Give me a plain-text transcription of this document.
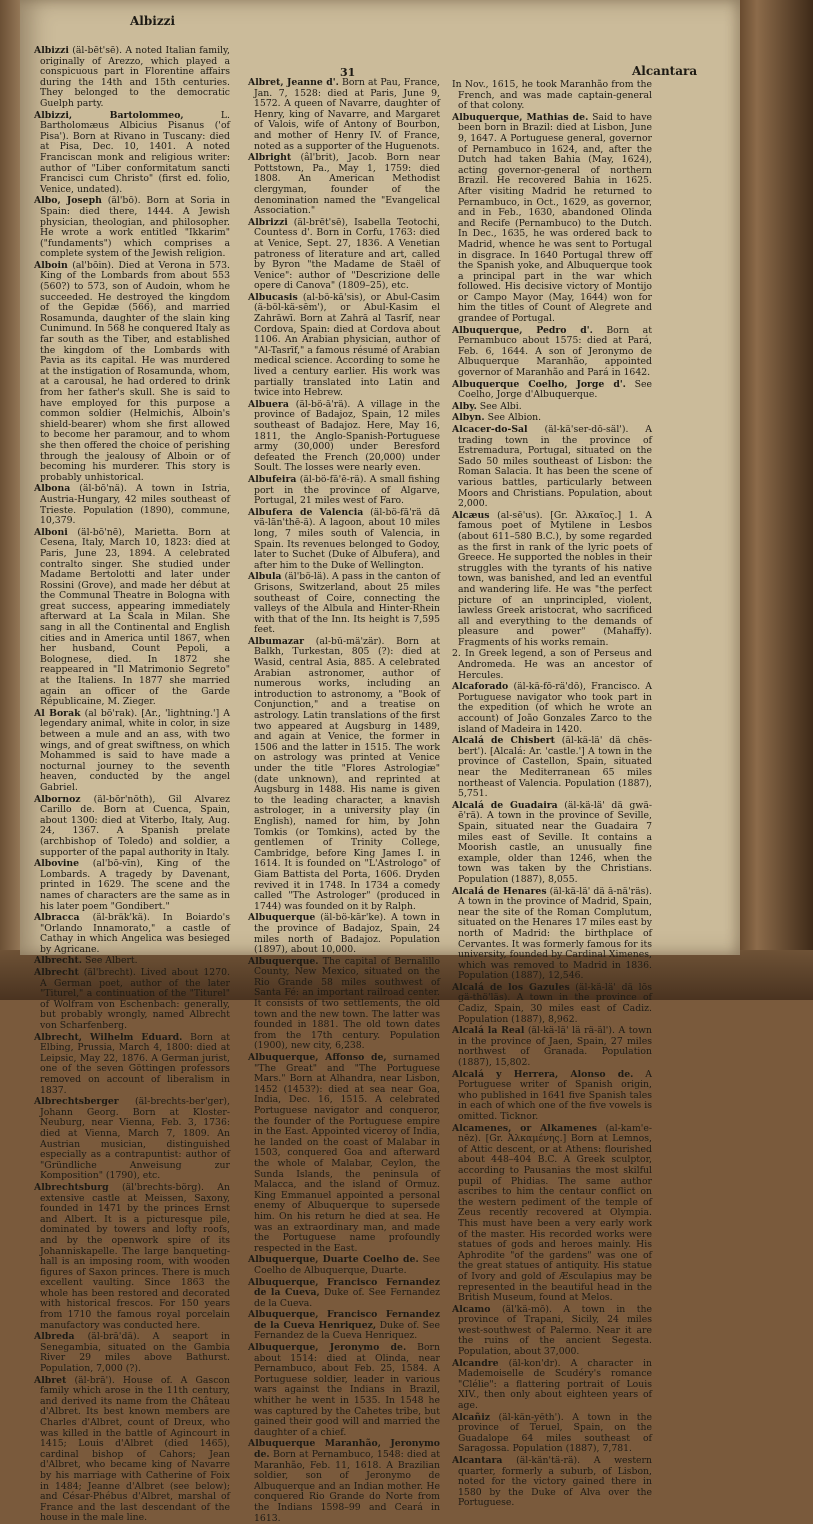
Albizzi
31	Alcantara

Albizzi (äl-bēt'sē). A noted Italian family, originally of Arezzo, which played a conspicuous part in Florentine affairs during the 14th and 15th centuries. They belonged to the democratic Guelph party.

Albizzi, Bartolommeo,	L. Bartholomæus Albicius Pisanus ('of Pisa'). Born at Rivano in Tuscany: died at Pisa, Dec. 10, 1401. A noted Franciscan monk and religious writer: author of "Liber conformitatum sancti Francisci cum Christo" (first ed. folio, Venice, undated).

Albo, Joseph (äl'bō). Born at Soria in Spain: died there, 1444. A Jewish physician, theologian, and philosopher. He wrote a work entitled "Ikkarim" ("fundaments") which comprises a complete system of the Jewish religion.

Alboin (al'bōin). Died at Verona in 573. King of the Lombards from about 553 (560?) to 573, son of Audoin, whom he succeeded. He destroyed the kingdom of the Gepidæ (566), and married Rosamunda, daughter of the slain king Cunimund. In 568 he conquered Italy as far south as the Tiber, and established the kingdom of the Lombards with Pavia as its capital. He was murdered at the instigation of Rosamunda, whom, at a carousal, he had ordered to drink from her father's skull. She is said to have employed for this purpose a common soldier (Helmichis, Alboin's shield-bearer) whom she first allowed to become her paramour, and to whom she then offered the choice of perishing through the jealousy of Alboin or of becoming his murderer. This story is probably unhistorical.

Albona (äl-bō'nä). A town in Istria, Austria-Hungary, 42 miles southeast of Trieste. Population (1890), commune, 10,379.

Alboni (äl-bō'nē), Marietta. Born at Cesena, Italy, March 10, 1823: died at Paris, June 23, 1894. A celebrated contralto singer. She studied under Madame Bertolotti and later under Rossini (Grove), and made her début at the Communal Theatre in Bologna with great success, appearing immediately afterward at La Scala in Milan. She sang in all the Continental and English cities and in America until 1867, when her husband, Count Pepoli, a Bolognese, died. In 1872 she reappeared in "Il Matrimonio Segreto" at the Italiens. In 1877 she married again an officer of the Garde Républicaine, M. Zieger.

Al Borak (al bō'rak). [Ar., 'lightning.'] A legendary animal, white in color, in size between a mule and an ass, with two wings, and of great swiftness, on which Mohammed is said to have made a nocturnal journey to the seventh heaven, conducted by the angel Gabriel.

Albornoz (äl-bōr'nōth), Gil Alvarez Carillo de. Born at Cuenca, Spain, about 1300: died at Viterbo, Italy, Aug. 24, 1367. A Spanish prelate (archbishop of Toledo) and soldier, a supporter of the papal authority in Italy.

Albovine (al'bō-vīn), King of the Lombards. A tragedy by Davenant, printed in 1629. The scene and the names of characters are the same as in his later poem "Gondibert."

Albracca (äl-bräk'kä). In Boiardo's "Orlando Innamorato," a castle of Cathay in which Angelica was besieged by Agricane.

Albrecht. See Albert.

Albrecht (äl'brecht). Lived about 1270. A German poet, author of the later "Titurel," a continuation of the "Titurel" of Wolfram von Eschenbach: generally, but probably wrongly, named Albrecht von Scharfenberg.

Albrecht, Wilhelm Eduard. Born at Elbing, Prussia, March 4, 1800: died at Leipsic, May 22, 1876. A German jurist, one of the seven Göttingen professors removed on account of liberalism in 1837.

Albrechtsberger (äl-brechts-ber'ger), Johann Georg. Born at Kloster-Neuburg, near Vienna, Feb. 3, 1736: died at Vienna, March 7, 1809. An Austrian musician, distinguished especially as a contrapuntist: author of "Gründliche Anweisung zur Komposition" (1790), etc.

Albrechtsburg (äl'brechts-börg). An extensive castle at Meissen, Saxony, founded in 1471 by the princes Ernst and Albert. It is a picturesque pile, dominated by towers and lofty roofs, and by the openwork spire of its Johanniskapelle. The large banqueting-hall is an imposing room, with wooden figures of Saxon princes. There is much excellent vaulting. Since 1863 the whole has been restored and decorated with historical frescos. For 150 years from 1710 the famous royal porcelain manufactory was conducted here.

Albreda (äl-brā'dä). A seaport in Senegambia, situated on the Gambia River 29 miles above Bathurst. Population, 7,000 (?).

Albret (äl-brā'). House of. A Gascon family which arose in the 11th century, and derived its name from the Château d'Albret. Its best known members are Charles d'Albret, count of Dreux, who was killed in the battle of Agincourt in 1415; Louis d'Albret (died 1465), cardinal bishop of Cahors; Jean d'Albret, who became king of Navarre by his marriage with Catherine of Foix in 1484; Jeanne d'Albret (see below); and César-Phébus d'Albret, marshal of France and the last descendant of the house in the male line.

Albret, Jeanne d'. Born at Pau, France, Jan. 7, 1528: died at Paris, June 9, 1572. A queen of Navarre, daughter of Henry, king of Navarre, and Margaret of Valois, wife of Antony of Bourbon, and mother of Henry IV. of France, noted as a supporter of the Huguenots.

Albright (âl'brit), Jacob. Born near Pottstown, Pa., May 1, 1759: died 1808. An American Methodist clergyman, founder of the denomination named the "Evangelical Association."

Albrizzi (äl-brēt'sē), Isabella Teotochi, Countess d'. Born in Corfu, 1763: died at Venice, Sept. 27, 1836. A Venetian patroness of literature and art, called by Byron "the Madame de Staël of Venice": author of "Descrizione delle opere di Canova" (1809–25), etc.

Albucasis (al-bö-kā'sis), or Abul-Casim (ä-böl-kä-sēm'), or Abul-Kasim el Zahrāwī. Born at Zahrā al Tasrīf, near Cordova, Spain: died at Cordova about 1106. An Arabian physician, author of "Al-Tasrīf," a famous résumé of Arabian medical science. According to some he lived a century earlier. His work was partially translated into Latin and twice into Hebrew.

Albuera (äl-bö-ā'rä). A village in the province of Badajoz, Spain, 12 miles southeast of Badajoz. Here, May 16, 1811, the Anglo-Spanish-Portuguese army (30,000) under Beresford defeated the French (20,000) under Soult. The losses were nearly even.

Albufeira (äl-bö-fā'ē-rä). A small fishing port in the province of Algarve, Portugal, 21 miles west of Faro.

Albufera de Valencia (äl-bö-fā'rä dā vä-lān'thē-ä). A lagoon, about 10 miles long, 7 miles south of Valencia, in Spain. Its revenues belonged to Godoy, later to Suchet (Duke of Albufera), and after him to the Duke of Wellington.

Albula (äl'bö-lä). A pass in the canton of Grisons, Switzerland, about 25 miles southeast of Coire, connecting the valleys of the Albula and Hinter-Rhein with that of the Inn. Its height is 7,595 feet.

Albumazar (al-bū-mä'zär). Born at Balkh, Turkestan, 805 (?): died at Wasid, central Asia, 885. A celebrated Arabian astronomer, author of numerous works, including an introduction to astronomy, a "Book of Conjunction," and a treatise on astrology. Latin translations of the first two appeared at Augsburg in 1489, and again at Venice, the former in 1506 and the latter in 1515. The work on astrology was printed at Venice under the title "Flores Astrologiæ" (date unknown), and reprinted at Augsburg in 1488. His name is given to the leading character, a knavish astrologer, in a university play (in English), named for him, by John Tomkis (or Tomkins), acted by the gentlemen of Trinity College, Cambridge, before King James I. in 1614. It is founded on "L'Astrologo" of Giam Battista del Porta, 1606. Dryden revived it in 1748. In 1734 a comedy called "The Astrologer" (produced in 1744) was founded on it by Ralph.

Albuquerque (äl-bö-kār'ke). A town in the province of Badajoz, Spain, 24 miles north of Badajoz. Population (1897), about 10,000.

Albuquerque. The capital of Bernalillo County, New Mexico, situated on the Rio Grande 58 miles southwest of Santa Fé: an important railroad center. It consists of two settlements, the old town and the new town. The latter was founded in 1881. The old town dates from the 17th century. Population (1900), new city, 6,238.

Albuquerque, Affonso de, surnamed "The Great" and "The Portuguese Mars." Born at Alhandra, near Lisbon, 1452 (1453?): died at sea near Goa, India, Dec. 16, 1515. A celebrated Portuguese navigator and conqueror, the founder of the Portuguese empire in the East. Appointed viceroy of India, he landed on the coast of Malabar in 1503, conquered Goa and afterward the whole of Malabar, Ceylon, the Sunda Islands, the peninsula of Malacca, and the island of Ormuz. King Emmanuel appointed a personal enemy of Albuquerque to supersede him. On his return he died at sea. He was an extraordinary man, and made the Portuguese name profoundly respected in the East.

Albuquerque, Duarte Coelho de. See Coelho de Albuquerque, Duarte.

Albuquerque, Francisco Fernandez de la Cueva, Duke of. See Fernandez de la Cueva.

Albuquerque, Francisco Fernandez de la Cueva Henriquez, Duke of. See Fernandez de la Cueva Henriquez.

Albuquerque, Jeronymo de. Born about 1514: died at Olinda, near Pernambuco, about Feb. 25, 1584. A Portuguese soldier, leader in various wars against the Indians in Brazil, whither he went in 1535. In 1548 he was captured by the Cahetes tribe, but gained their good will and married the daughter of a chief.

Albuquerque Maranhão, Jeronymo de. Born at Pernambuco, 1548: died at Maranhão, Feb. 11, 1618. A Brazilian soldier, son of Jeronymo de Albuquerque and an Indian mother. He conquered Rio Grande do Norte from the Indians 1598–99 and Ceará in 1613.

In Nov., 1615, he took Maranhão from the French, and was made captain-general of that colony.

Albuquerque, Mathias de. Said to have been born in Brazil: died at Lisbon, June 9, 1647. A Portuguese general, governor of Pernambuco in 1624, and, after the Dutch had taken Bahia (May, 1624), acting governor-general of northern Brazil. He recovered Bahia in 1625. After visiting Madrid he returned to Pernambuco, in Oct., 1629, as governor, and in Feb., 1630, abandoned Olinda and Recife (Pernambuco) to the Dutch. In Dec., 1635, he was ordered back to Madrid, whence he was sent to Portugal in disgrace. In 1640 Portugal threw off the Spanish yoke, and Albuquerque took a principal part in the war which followed. His decisive victory of Montijo or Campo Mayor (May, 1644) won for him the titles of Count of Alegrete and grandee of Portugal.

Albuquerque, Pedro d'. Born at Pernambuco about 1575: died at Pará, Feb. 6, 1644. A son of Jeronymo de Albuquerque Maranhão, appointed governor of Maranhão and Pará in 1642.

Albuquerque Coelho, Jorge d'. See Coelho, Jorge d'Albuquerque.

Alby. See Albi.

Albyn. See Albion.

Alcacer-do-Sal (äl-kä'ser-dō-säl'). A trading town in the province of Estremadura, Portugal, situated on the Sado 50 miles southeast of Lisbon: the Roman Salacia. It has been the scene of various battles, particularly between Moors and Christians. Population, about 2,000.

Alcæus (al-sē'us). [Gr. Ἀλκαῖος.] 1. A famous poet of Mytilene in Lesbos (about 611–580 B.C.), by some regarded as the first in rank of the lyric poets of Greece. He supported the nobles in their struggles with the tyrants of his native town, was banished, and led an eventful and wandering life. He was "the perfect picture of an unprincipled, violent, lawless Greek aristocrat, who sacrificed all and everything to the demands of pleasure and power" (Mahaffy). Fragments of his works remain.

2. In Greek legend, a son of Perseus and Andromeda. He was an ancestor of Hercules.

Alcaforado (äl-kä-fō-rä'dō), Francisco. A Portuguese navigator who took part in the expedition (of which he wrote an account) of João Gonzales Zarco to the island of Madeira in 1420.

Alcalá de Chisbert (äl-kä-lä' dä chēs-bert'). [Alcalá: Ar. 'castle.'] A town in the province of Castellon, Spain, situated near the Mediterranean 65 miles northeast of Valencia. Population (1887), 5,751.

Alcalá de Guadaira (äl-kä-lä' dä gwä-ē'rä). A town in the province of Seville, Spain, situated near the Guadaira 7 miles east of Seville. It contains a Moorish castle, an unusually fine example, older than 1246, when the town was taken by the Christians. Population (1887), 8,055.

Alcalá de Henares (äl-kä-lä' dä ā-nä'räs). A town in the province of Madrid, Spain, near the site of the Roman Complutum, situated on the Henares 17 miles east by north of Madrid: the birthplace of Cervantes. It was formerly famous for its university, founded by Cardinal Ximenes, which was removed to Madrid in 1836. Population (1887), 12,546.

Alcalá de los Gazules (äl-kä-lä' dä lōs gä-thö'läs). A town in the province of Cadiz, Spain, 30 miles east of Cadiz. Population (1887), 8,962.

Alcalá la Real (äl-kä-lä' lä rä-äl'). A town in the province of Jaen, Spain, 27 miles northwest of Granada. Population (1887), 15,802.

Alcalá y Herrera, Alonso de. A Portuguese writer of Spanish origin, who published in 1641 five Spanish tales in each of which one of the five vowels is omitted. Ticknor.

Alcamenes, or Alkamenes (al-kam'e-nēz). [Gr. Ἀλκαμένης.] Born at Lemnos, of Attic descent, or at Athens: flourished about 448–404 B.C. A Greek sculptor, according to Pausanias the most skilful pupil of Phidias. The same author ascribes to him the centaur conflict on the western pediment of the temple of Zeus recently recovered at Olympia. This must have been a very early work of the master. His recorded works were statues of gods and heroes mainly. His Aphrodite "of the gardens" was one of the great statues of antiquity. His statue of Ivory and gold of Æsculapius may be represented in the beautiful head in the British Museum, found at Melos.

Alcamo (äl'kä-mō). A town in the province of Trapani, Sicily, 24 miles west-southwest of Palermo. Near it are the ruins of the ancient Segesta. Population, about 37,000.

Alcandre (äl-kon'dr). A character in Mademoiselle de Scudéry's romance "Clélie": a flattering portrait of Louis XIV., then only about eighteen years of age.

Alcañiz (äl-kän-yēth'). A town in the province of Teruel, Spain, on the Guadalope 64 miles southeast of Saragossa. Population (1887), 7,781.

Alcantara (äl-kän'tä-rä). A western quarter, formerly a suburb, of Lisbon, noted for the victory gained there in 1580 by the Duke of Alva over the Portuguese.
